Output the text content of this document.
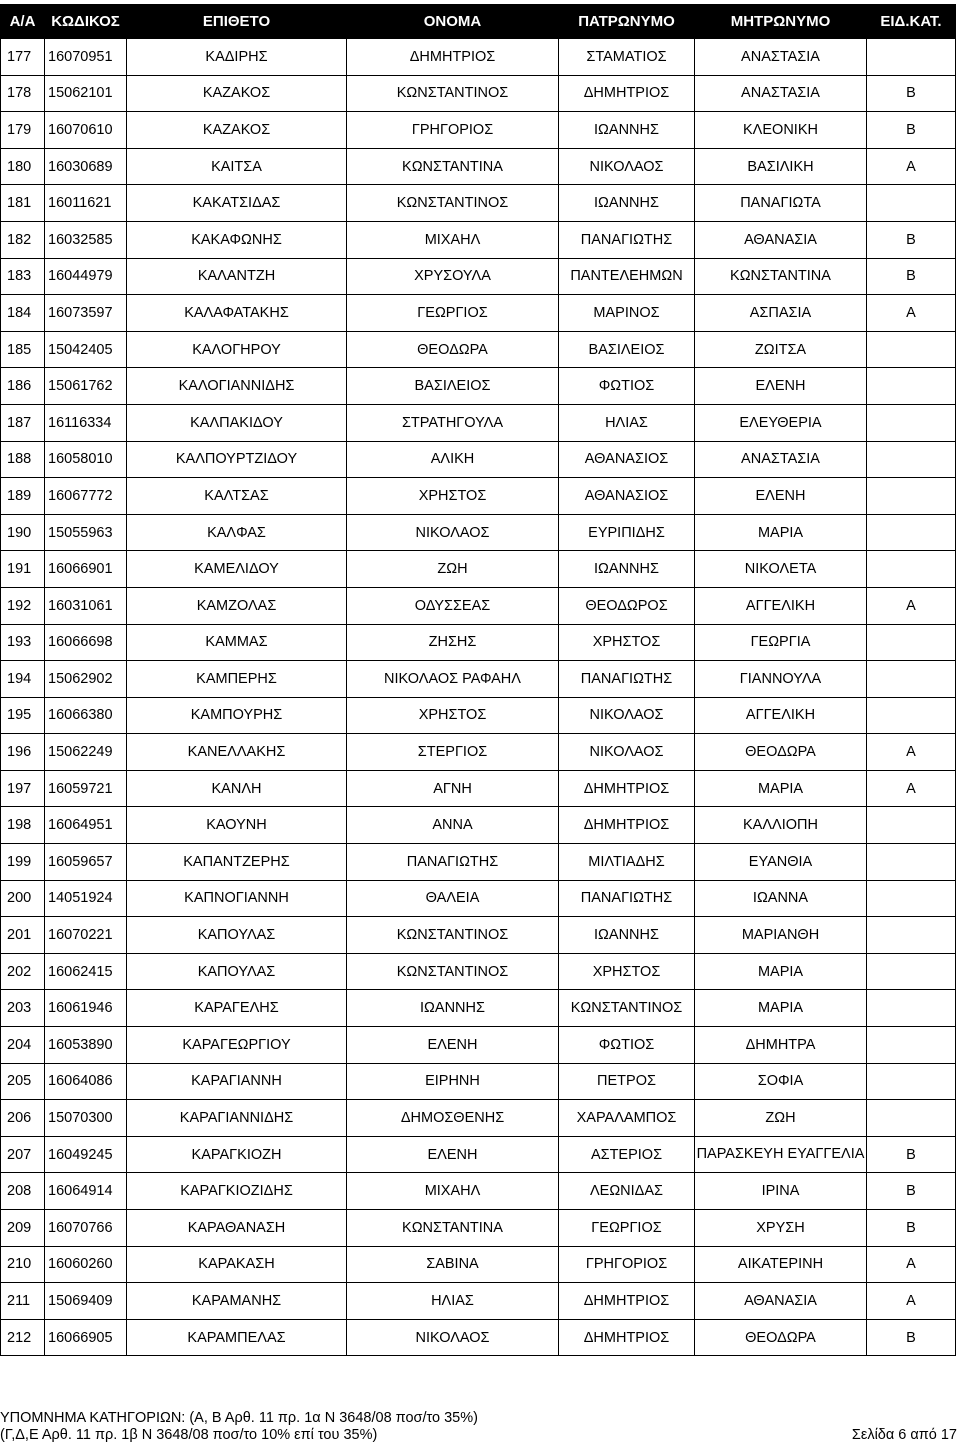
Α/Α	ΚΩΔΙΚΟΣ	ΕΠΙΘΕΤΟ	ΟΝΟΜΑ	ΠΑΤΡΩΝΥΜΟ	ΜΗΤΡΩΝΥΜΟ	ΕΙΔ.ΚΑΤ.
177	16070951	ΚΑΔΙΡΗΣ	ΔΗΜΗΤΡΙΟΣ	ΣΤΑΜΑΤΙΟΣ	ΑΝΑΣΤΑΣΙΑ	
178	15062101	ΚΑΖΑΚΟΣ	ΚΩΝΣΤΑΝΤΙΝΟΣ	ΔΗΜΗΤΡΙΟΣ	ΑΝΑΣΤΑΣΙΑ	Β
179	16070610	ΚΑΖΑΚΟΣ	ΓΡΗΓΟΡΙΟΣ	ΙΩΑΝΝΗΣ	ΚΛΕΟΝΙΚΗ	Β
180	16030689	ΚΑΙΤΣΑ	ΚΩΝΣΤΑΝΤΙΝΑ	ΝΙΚΟΛΑΟΣ	ΒΑΣΙΛΙΚΗ	Α
181	16011621	ΚΑΚΑΤΣΙΔΑΣ	ΚΩΝΣΤΑΝΤΙΝΟΣ	ΙΩΑΝΝΗΣ	ΠΑΝΑΓΙΩΤΑ	
182	16032585	ΚΑΚΑΦΩΝΗΣ	ΜΙΧΑΗΛ	ΠΑΝΑΓΙΩΤΗΣ	ΑΘΑΝΑΣΙΑ	Β
183	16044979	ΚΑΛΑΝΤΖΗ	ΧΡΥΣΟΥΛΑ	ΠΑΝΤΕΛΕΗΜΩΝ	ΚΩΝΣΤΑΝΤΙΝΑ	Β
184	16073597	ΚΑΛΑΦΑΤΑΚΗΣ	ΓΕΩΡΓΙΟΣ	ΜΑΡΙΝΟΣ	ΑΣΠΑΣΙΑ	Α
185	15042405	ΚΑΛΟΓΗΡΟΥ	ΘΕΟΔΩΡΑ	ΒΑΣΙΛΕΙΟΣ	ΖΩΙΤΣΑ	
186	15061762	ΚΑΛΟΓΙΑΝΝΙΔΗΣ	ΒΑΣΙΛΕΙΟΣ	ΦΩΤΙΟΣ	ΕΛΕΝΗ	
187	16116334	ΚΑΛΠΑΚΙΔΟΥ	ΣΤΡΑΤΗΓΟΥΛΑ	ΗΛΙΑΣ	ΕΛΕΥΘΕΡΙΑ	
188	16058010	ΚΑΛΠΟΥΡΤΖΙΔΟΥ	ΑΛΙΚΗ	ΑΘΑΝΑΣΙΟΣ	ΑΝΑΣΤΑΣΙΑ	
189	16067772	ΚΑΛΤΣΑΣ	ΧΡΗΣΤΟΣ	ΑΘΑΝΑΣΙΟΣ	ΕΛΕΝΗ	
190	15055963	ΚΑΛΦΑΣ	ΝΙΚΟΛΑΟΣ	ΕΥΡΙΠΙΔΗΣ	ΜΑΡΙΑ	
191	16066901	ΚΑΜΕΛΙΔΟΥ	ΖΩΗ	ΙΩΑΝΝΗΣ	ΝΙΚΟΛΕΤΑ	
192	16031061	ΚΑΜΖΟΛΑΣ	ΟΔΥΣΣΕΑΣ	ΘΕΟΔΩΡΟΣ	ΑΓΓΕΛΙΚΗ	Α
193	16066698	ΚΑΜΜΑΣ	ΖΗΣΗΣ	ΧΡΗΣΤΟΣ	ΓΕΩΡΓΙΑ	
194	15062902	ΚΑΜΠΕΡΗΣ	ΝΙΚΟΛΑΟΣ ΡΑΦΑΗΛ	ΠΑΝΑΓΙΩΤΗΣ	ΓΙΑΝΝΟΥΛΑ	
195	16066380	ΚΑΜΠΟΥΡΗΣ	ΧΡΗΣΤΟΣ	ΝΙΚΟΛΑΟΣ	ΑΓΓΕΛΙΚΗ	
196	15062249	ΚΑΝΕΛΛΑΚΗΣ	ΣΤΕΡΓΙΟΣ	ΝΙΚΟΛΑΟΣ	ΘΕΟΔΩΡΑ	Α
197	16059721	ΚΑΝΛΗ	ΑΓΝΗ	ΔΗΜΗΤΡΙΟΣ	ΜΑΡΙΑ	Α
198	16064951	ΚΑΟΥΝΗ	ΑΝΝΑ	ΔΗΜΗΤΡΙΟΣ	ΚΑΛΛΙΟΠΗ	
199	16059657	ΚΑΠΑΝΤΖΕΡΗΣ	ΠΑΝΑΓΙΩΤΗΣ	ΜΙΛΤΙΑΔΗΣ	ΕΥΑΝΘΙΑ	
200	14051924	ΚΑΠΝΟΓΙΑΝΝΗ	ΘΑΛΕΙΑ	ΠΑΝΑΓΙΩΤΗΣ	ΙΩΑΝΝΑ	
201	16070221	ΚΑΠΟΥΛΑΣ	ΚΩΝΣΤΑΝΤΙΝΟΣ	ΙΩΑΝΝΗΣ	ΜΑΡΙΑΝΘΗ	
202	16062415	ΚΑΠΟΥΛΑΣ	ΚΩΝΣΤΑΝΤΙΝΟΣ	ΧΡΗΣΤΟΣ	ΜΑΡΙΑ	
203	16061946	ΚΑΡΑΓΕΛΗΣ	ΙΩΑΝΝΗΣ	ΚΩΝΣΤΑΝΤΙΝΟΣ	ΜΑΡΙΑ	
204	16053890	ΚΑΡΑΓΕΩΡΓΙΟΥ	ΕΛΕΝΗ	ΦΩΤΙΟΣ	ΔΗΜΗΤΡΑ	
205	16064086	ΚΑΡΑΓΙΑΝΝΗ	ΕΙΡΗΝΗ	ΠΕΤΡΟΣ	ΣΟΦΙΑ	
206	15070300	ΚΑΡΑΓΙΑΝΝΙΔΗΣ	ΔΗΜΟΣΘΕΝΗΣ	ΧΑΡΑΛΑΜΠΟΣ	ΖΩΗ	
207	16049245	ΚΑΡΑΓΚΙΟΖΗ	ΕΛΕΝΗ	ΑΣΤΕΡΙΟΣ	ΠΑΡΑΣΚΕΥΗ ΕΥΑΓΓΕΛΙΑ	Β
208	16064914	ΚΑΡΑΓΚΙΟΖΙΔΗΣ	ΜΙΧΑΗΛ	ΛΕΩΝΙΔΑΣ	ΙΡΙΝΑ	Β
209	16070766	ΚΑΡΑΘΑΝΑΣΗ	ΚΩΝΣΤΑΝΤΙΝΑ	ΓΕΩΡΓΙΟΣ	ΧΡΥΣΗ	Β
210	16060260	ΚΑΡΑΚΑΣΗ	ΣΑΒΙΝΑ	ΓΡΗΓΟΡΙΟΣ	ΑΙΚΑΤΕΡΙΝΗ	Α
211	15069409	ΚΑΡΑΜΑΝΗΣ	ΗΛΙΑΣ	ΔΗΜΗΤΡΙΟΣ	ΑΘΑΝΑΣΙΑ	Α
212	16066905	ΚΑΡΑΜΠΕΛΑΣ	ΝΙΚΟΛΑΟΣ	ΔΗΜΗΤΡΙΟΣ	ΘΕΟΔΩΡΑ	Β
ΥΠΟΜΝΗΜΑ ΚΑΤΗΓΟΡΙΩΝ: (Α, Β Αρθ. 11 πρ. 1α Ν 3648/08 ποσ/το 35%)
(Γ,Δ,Ε Αρθ. 11 πρ. 1β Ν 3648/08 ποσ/το 10% επί του 35%)	Σελίδα 6 από 17
